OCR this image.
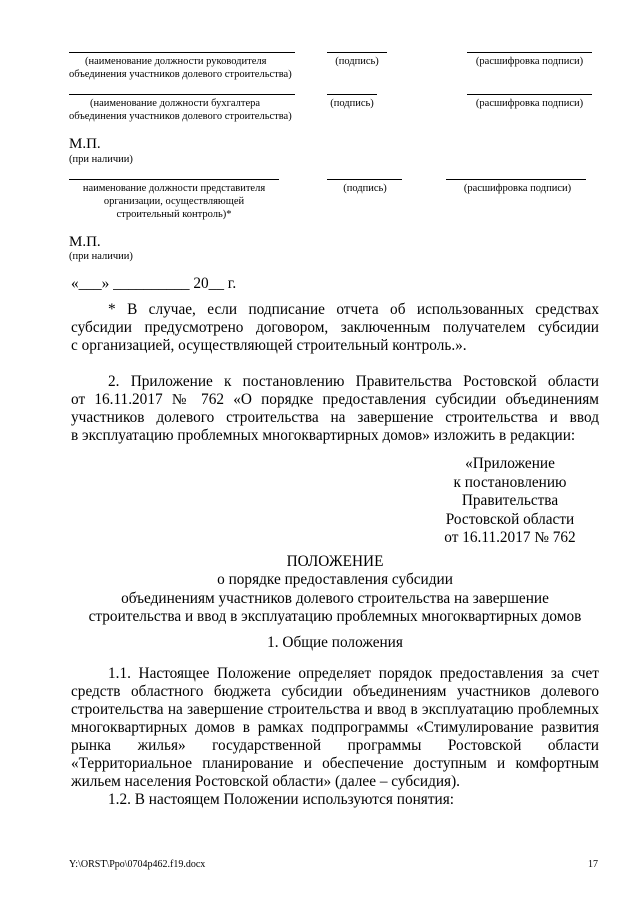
(наименование должности руководителя
объединения участников долевого строительства)
(подпись)	(расшифровка подписи)
(наименование должности бухгалтера
объединения участников долевого строительства)
(подпись)	(расшифровка подписи)
М.П.
(при наличии)
наименование должности представителя
организации, осуществляющей
строительный контроль)*
(подпись)	(расшифровка подписи)
М.П.
(при наличии)
«___» __________ 20__ г.
* В случае, если подписание отчета об использованных средствах
субсидии предусмотрено договором, заключенным получателем субсидии
с организацией, осуществляющей строительный контроль.».
2. Приложение к постановлению Правительства Ростовской области
от 16.11.2017 № 762 «О порядке предоставления субсидии объединениям
участников долевого строительства на завершение строительства и ввод
в эксплуатацию проблемных многоквартирных домов» изложить в редакции:
«Приложение
к постановлению
Правительства
Ростовской области
от 16.11.2017 № 762
ПОЛОЖЕНИЕ
о порядке предоставления субсидии
объединениям участников долевого строительства на завершение
строительства и ввод в эксплуатацию проблемных многоквартирных домов
1. Общие положения
1.1. Настоящее Положение определяет порядок предоставления за счет
средств областного бюджета субсидии объединениям участников долевого
строительства на завершение строительства и ввод в эксплуатацию проблемных
многоквартирных домов в рамках подпрограммы «Стимулирование развития
рынка жилья» государственной программы Ростовской области
«Территориальное планирование и обеспечение доступным и комфортным
жильем населения Ростовской области» (далее – субсидия).
1.2. В настоящем Положении используются понятия:
Y:\ORST\Ppo\0704p462.f19.docx	17
